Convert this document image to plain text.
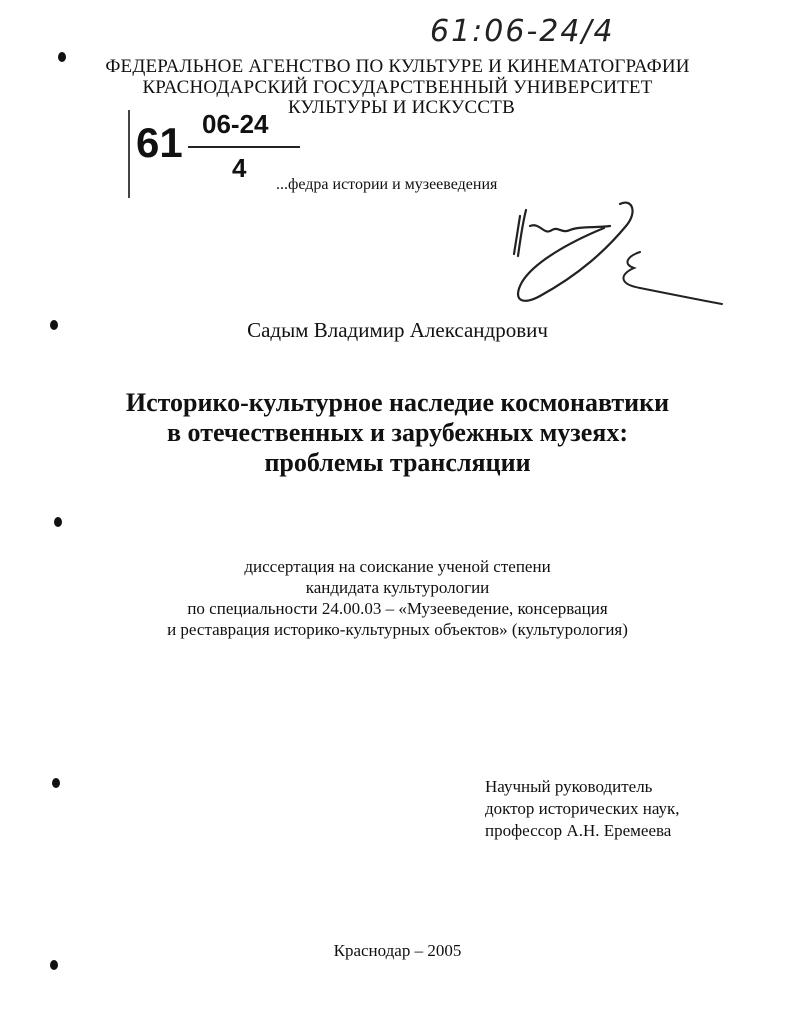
61:06-24/4
ФЕДЕРАЛЬНОЕ АГЕНСТВО ПО КУЛЬТУРЕ И КИНЕМАТОГРАФИИ
КРАСНОДАРСКИЙ ГОСУДАРСТВЕННЫЙ УНИВЕРСИТЕТ
КУЛЬТУРЫ И ИСКУССТВ
61 06-24
4
...федра истории и музееведения
Садым Владимир Александрович
Историко-культурное наследие космонавтики
в отечественных и зарубежных музеях:
проблемы трансляции
диссертация на соискание ученой степени
кандидата культурологии
по специальности 24.00.03 – «Музееведение, консервация
и реставрация историко-культурных объектов» (культурология)
Научный руководитель
доктор исторических наук,
профессор А.Н. Еремеева
Краснодар – 2005
